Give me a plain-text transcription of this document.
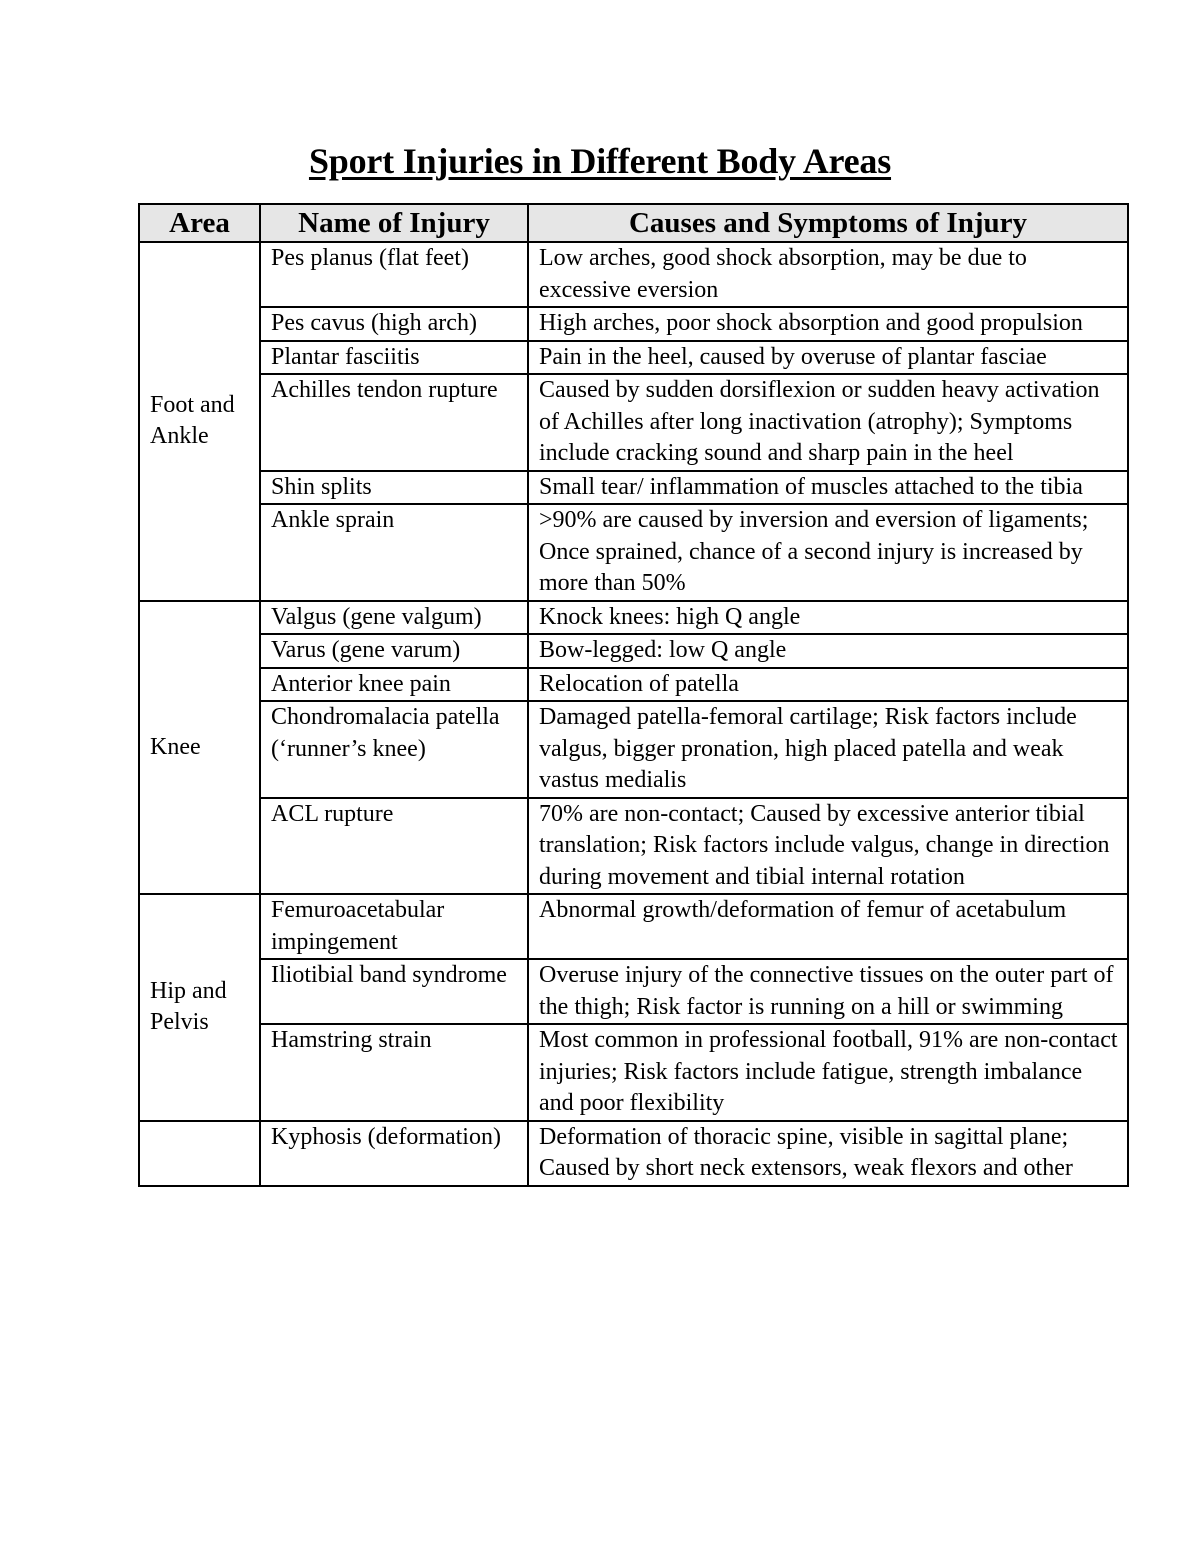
Sport Injuries in Different Body Areas
Area	Name of Injury	Causes and Symptoms of Injury
Foot and Ankle	Pes planus (flat feet)	Low arches, good shock absorption, may be due to excessive eversion
	Pes cavus (high arch)	High arches, poor shock absorption and good propulsion
	Plantar fasciitis	Pain in the heel, caused by overuse of plantar fasciae
	Achilles tendon rupture	Caused by sudden dorsiflexion or sudden heavy activation of Achilles after long inactivation (atrophy); Symptoms include cracking sound and sharp pain in the heel
	Shin splits	Small tear/ inflammation of muscles attached to the tibia
	Ankle sprain	>90% are caused by inversion and eversion of ligaments; Once sprained, chance of a second injury is increased by more than 50%
Knee	Valgus (gene valgum)	Knock knees: high Q angle
	Varus (gene varum)	Bow-legged: low Q angle
	Anterior knee pain	Relocation of patella
	Chondromalacia patella (‘runner’s knee)	Damaged patella-femoral cartilage; Risk factors include valgus, bigger pronation, high placed patella and weak vastus medialis
	ACL rupture	70% are non-contact; Caused by excessive anterior tibial translation; Risk factors include valgus, change in direction during movement and tibial internal rotation
Hip and Pelvis	Femuroacetabular impingement	Abnormal growth/deformation of femur of acetabulum
	Iliotibial band syndrome	Overuse injury of the connective tissues on the outer part of the thigh; Risk factor is running on a hill or swimming
	Hamstring strain	Most common in professional football, 91% are non-contact injuries; Risk factors include fatigue, strength imbalance and poor flexibility
	Kyphosis (deformation)	Deformation of thoracic spine, visible in sagittal plane; Caused by short neck extensors, weak flexors and other
